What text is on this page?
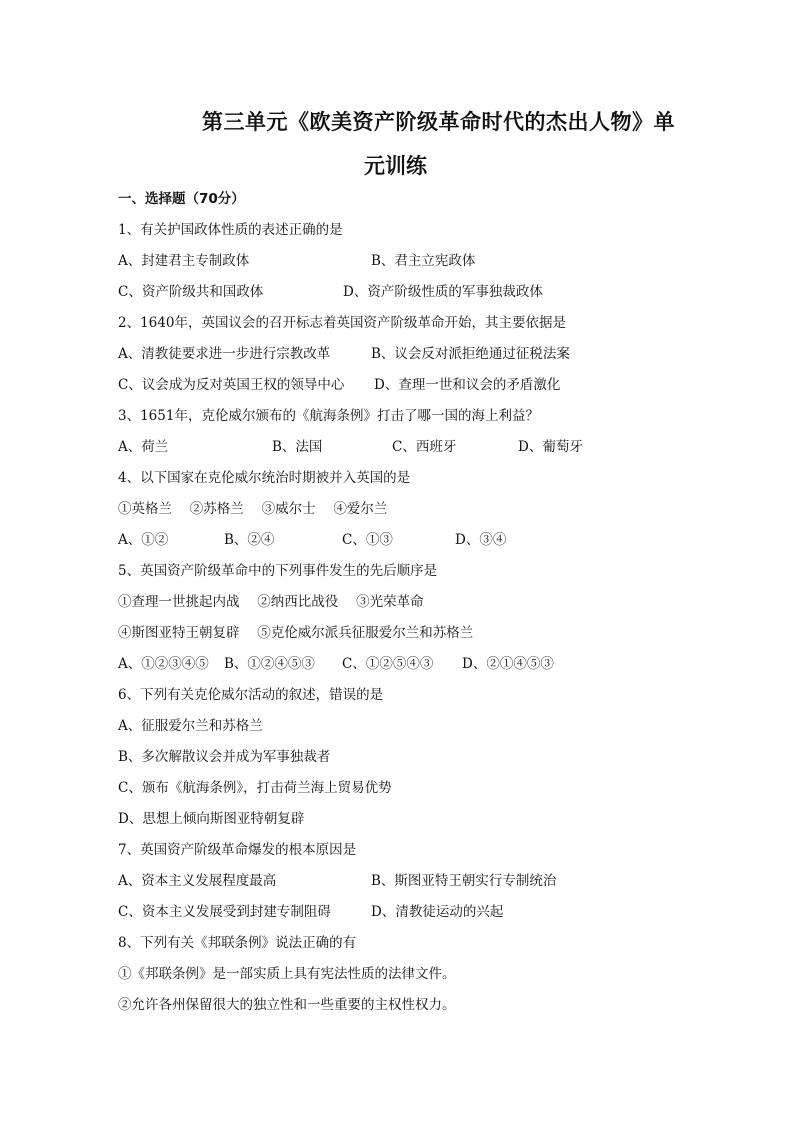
第三单元《欧美资产阶级革命时代的杰出人物》单
元训练
一、选择题（70分）
1、有关护国政体性质的表述正确的是
A、封建君主专制政体	B、君主立宪政体
C、资产阶级共和国政体	D、资产阶级性质的军事独裁政体
2、1640年，英国议会的召开标志着英国资产阶级革命开始，其主要依据是
A、清教徒要求进一步进行宗教改革	B、议会反对派拒绝通过征税法案
C、议会成为反对英国王权的领导中心 D、查理一世和议会的矛盾激化
3、1651年，克伦威尔颁布的《航海条例》打击了哪一国的海上利益？
A、荷兰	B、法国	C、西班牙	D、葡萄牙
4、以下国家在克伦威尔统治时期被并入英国的是
①英格兰　 ②苏格兰　 ③威尔士　 ④爱尔兰
A、①②	B、②④	C、①③	D、③④
5、英国资产阶级革命中的下列事件发生的先后顺序是
①查理一世挑起内战　 ②纳西比战役　 ③光荣革命
④斯图亚特王朝复辟　 ⑤克伦威尔派兵征服爱尔兰和苏格兰
A、①②③④⑤ B、①②④⑤③ C、①②⑤④③ D、②①④⑤③
6、下列有关克伦威尔活动的叙述，错误的是
A、征服爱尔兰和苏格兰
B、多次解散议会并成为军事独裁者
C、颁布《航海条例》，打击荷兰海上贸易优势
D、思想上倾向斯图亚特朝复辟
7、英国资产阶级革命爆发的根本原因是
A、资本主义发展程度最高	B、斯图亚特王朝实行专制统治
C、资本主义发展受到封建专制阻碍	D、清教徒运动的兴起
8、下列有关《邦联条例》说法正确的有
①《邦联条例》是一部实质上具有宪法性质的法律文件。
②允许各州保留很大的独立性和一些重要的主权性权力。
